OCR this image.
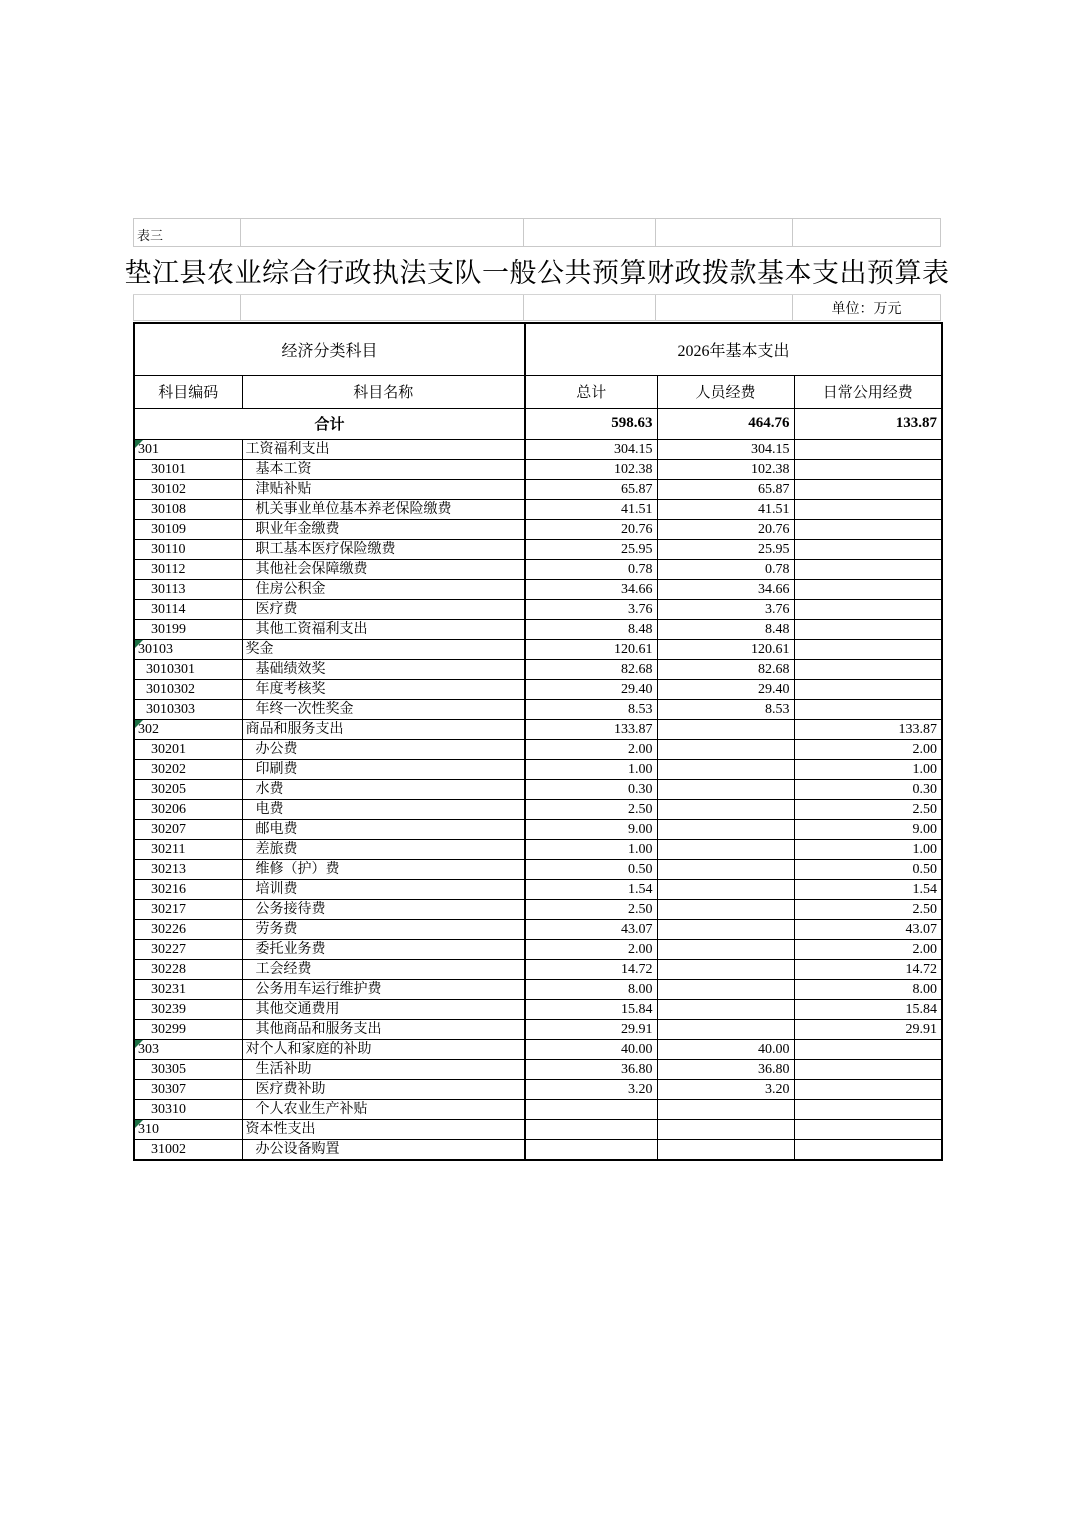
表三
垫江县农业综合行政执法支队一般公共预算财政拨款基本支出预算表
单位：万元
经济分类科目		2026年基本支出		
科目编码	科目名称	总计	人员经费	日常公用经费
合计		598.63	464.76	133.87

301	工资福利支出	304.15	304.15	
30101	基本工资	102.38	102.38	
30102	津贴补贴	65.87	65.87	
30108	机关事业单位基本养老保险缴费	41.51	41.51	
30109	职业年金缴费	20.76	20.76	
30110	职工基本医疗保险缴费	25.95	25.95	
30112	其他社会保障缴费	0.78	0.78	
30113	住房公积金	34.66	34.66	
30114	医疗费	3.76	3.76	
30199	其他工资福利支出	8.48	8.48	

30103	奖金	120.61	120.61	
3010301	基础绩效奖	82.68	82.68	
3010302	年度考核奖	29.40	29.40	
3010303	年终一次性奖金	8.53	8.53	

302	商品和服务支出	133.87		133.87
30201	办公费	2.00		2.00
30202	印刷费	1.00		1.00
30205	水费	0.30		0.30
30206	电费	2.50		2.50
30207	邮电费	9.00		9.00
30211	差旅费	1.00		1.00
30213	维修（护）费	0.50		0.50
30216	培训费	1.54		1.54
30217	公务接待费	2.50		2.50
30226	劳务费	43.07		43.07
30227	委托业务费	2.00		2.00
30228	工会经费	14.72		14.72
30231	公务用车运行维护费	8.00		8.00
30239	其他交通费用	15.84		15.84
30299	其他商品和服务支出	29.91		29.91

303	对个人和家庭的补助	40.00	40.00	
30305	生活补助	36.80	36.80	
30307	医疗费补助	3.20	3.20	
30310	个人农业生产补贴			

310	资本性支出			
31002	办公设备购置			
